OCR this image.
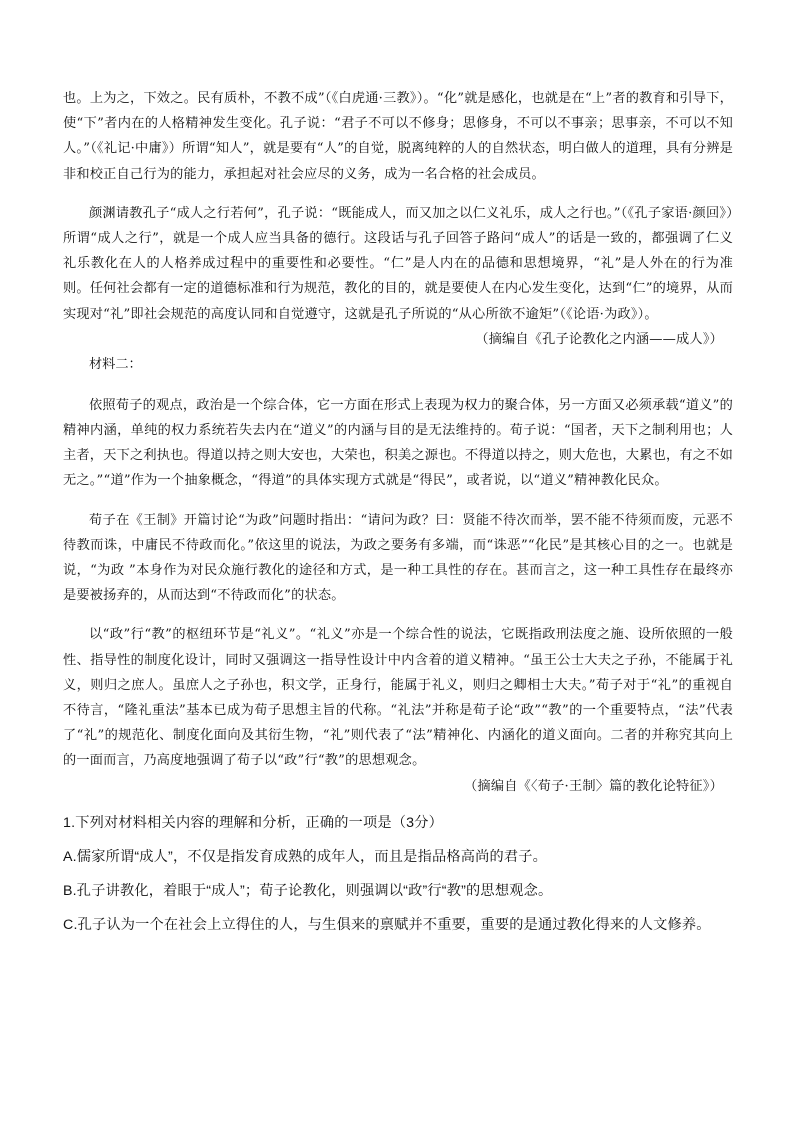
也。上为之，下效之。民有质朴，不教不成”（《白虎通·三教》）。“化”就是感化，也就是在“上”者的教育和引导下，使“下”者内在的人格精神发生变化。孔子说：“君子不可以不修身；思修身，不可以不事亲；思事亲，不可以不知人。”（《礼记·中庸》）所谓“知人”，就是要有“人”的自觉，脱离纯粹的人的自然状态，明白做人的道理，具有分辨是非和校正自己行为的能力，承担起对社会应尽的义务，成为一名合格的社会成员。

颜渊请教孔子“成人之行若何”，孔子说：“既能成人，而又加之以仁义礼乐，成人之行也。”（《孔子家语·颜回》）所谓“成人之行”，就是一个成人应当具备的德行。这段话与孔子回答子路问“成人”的话是一致的，都强调了仁义礼乐教化在人的人格养成过程中的重要性和必要性。“仁”是人内在的品德和思想境界，“礼”是人外在的行为准则。任何社会都有一定的道德标准和行为规范，教化的目的，就是要使人在内心发生变化，达到“仁”的境界，从而实现对“礼”即社会规范的高度认同和自觉遵守，这就是孔子所说的“从心所欲不逾矩”（《论语·为政》）。

（摘编自《孔子论教化之内涵——成人》）

材料二：

依照荀子的观点，政治是一个综合体，它一方面在形式上表现为权力的聚合体，另一方面又必须承载“道义”的精神内涵，单纯的权力系统若失去内在“道义”的内涵与目的是无法维持的。荀子说：“国者，天下之制利用也；人主者，天下之利执也。得道以持之则大安也，大荣也，积美之源也。不得道以持之，则大危也，大累也，有之不如无之。”“道”作为一个抽象概念，“得道”的具体实现方式就是“得民”，或者说，以“道义”精神教化民众。

荀子在《王制》开篇讨论“为政”问题时指出：“请问为政？曰：贤能不待次而举，罢不能不待须而废，元恶不待教而诛，中庸民不待政而化。”依这里的说法，为政之要务有多端，而“诛恶”“化民”是其核心目的之一。也就是说，“为政 ”本身作为对民众施行教化的途径和方式，是一种工具性的存在。甚而言之，这一种工具性存在最终亦是要被扬弃的，从而达到“不待政而化”的状态。

以“政”行“教”的枢纽环节是“礼义”。“礼义”亦是一个综合性的说法，它既指政刑法度之施、设所依照的一般性、指导性的制度化设计，同时又强调这一指导性设计中内含着的道义精神。“虽王公士大夫之子孙，不能属于礼义，则归之庶人。虽庶人之子孙也，积文学，正身行，能属于礼义，则归之卿相士大夫。”荀子对于“礼”的重视自不待言，“隆礼重法”基本已成为荀子思想主旨的代称。“礼法”并称是荀子论“政”“教”的一个重要特点，“法”代表了“礼”的规范化、制度化面向及其衍生物，“礼”则代表了“法”精神化、内涵化的道义面向。二者的并称究其向上的一面而言，乃高度地强调了荀子以“政”行“教”的思想观念。

（摘编自《〈荀子·王制〉篇的教化论特征》）

1.下列对材料相关内容的理解和分析，正确的一项是（3分）

A.儒家所谓“成人”，不仅是指发育成熟的成年人，而且是指品格高尚的君子。

B.孔子讲教化，着眼于“成人”；荀子论教化，则强调以“政”行“教”的思想观念。

C.孔子认为一个在社会上立得住的人，与生俱来的禀赋并不重要，重要的是通过教化得来的人文修养。
